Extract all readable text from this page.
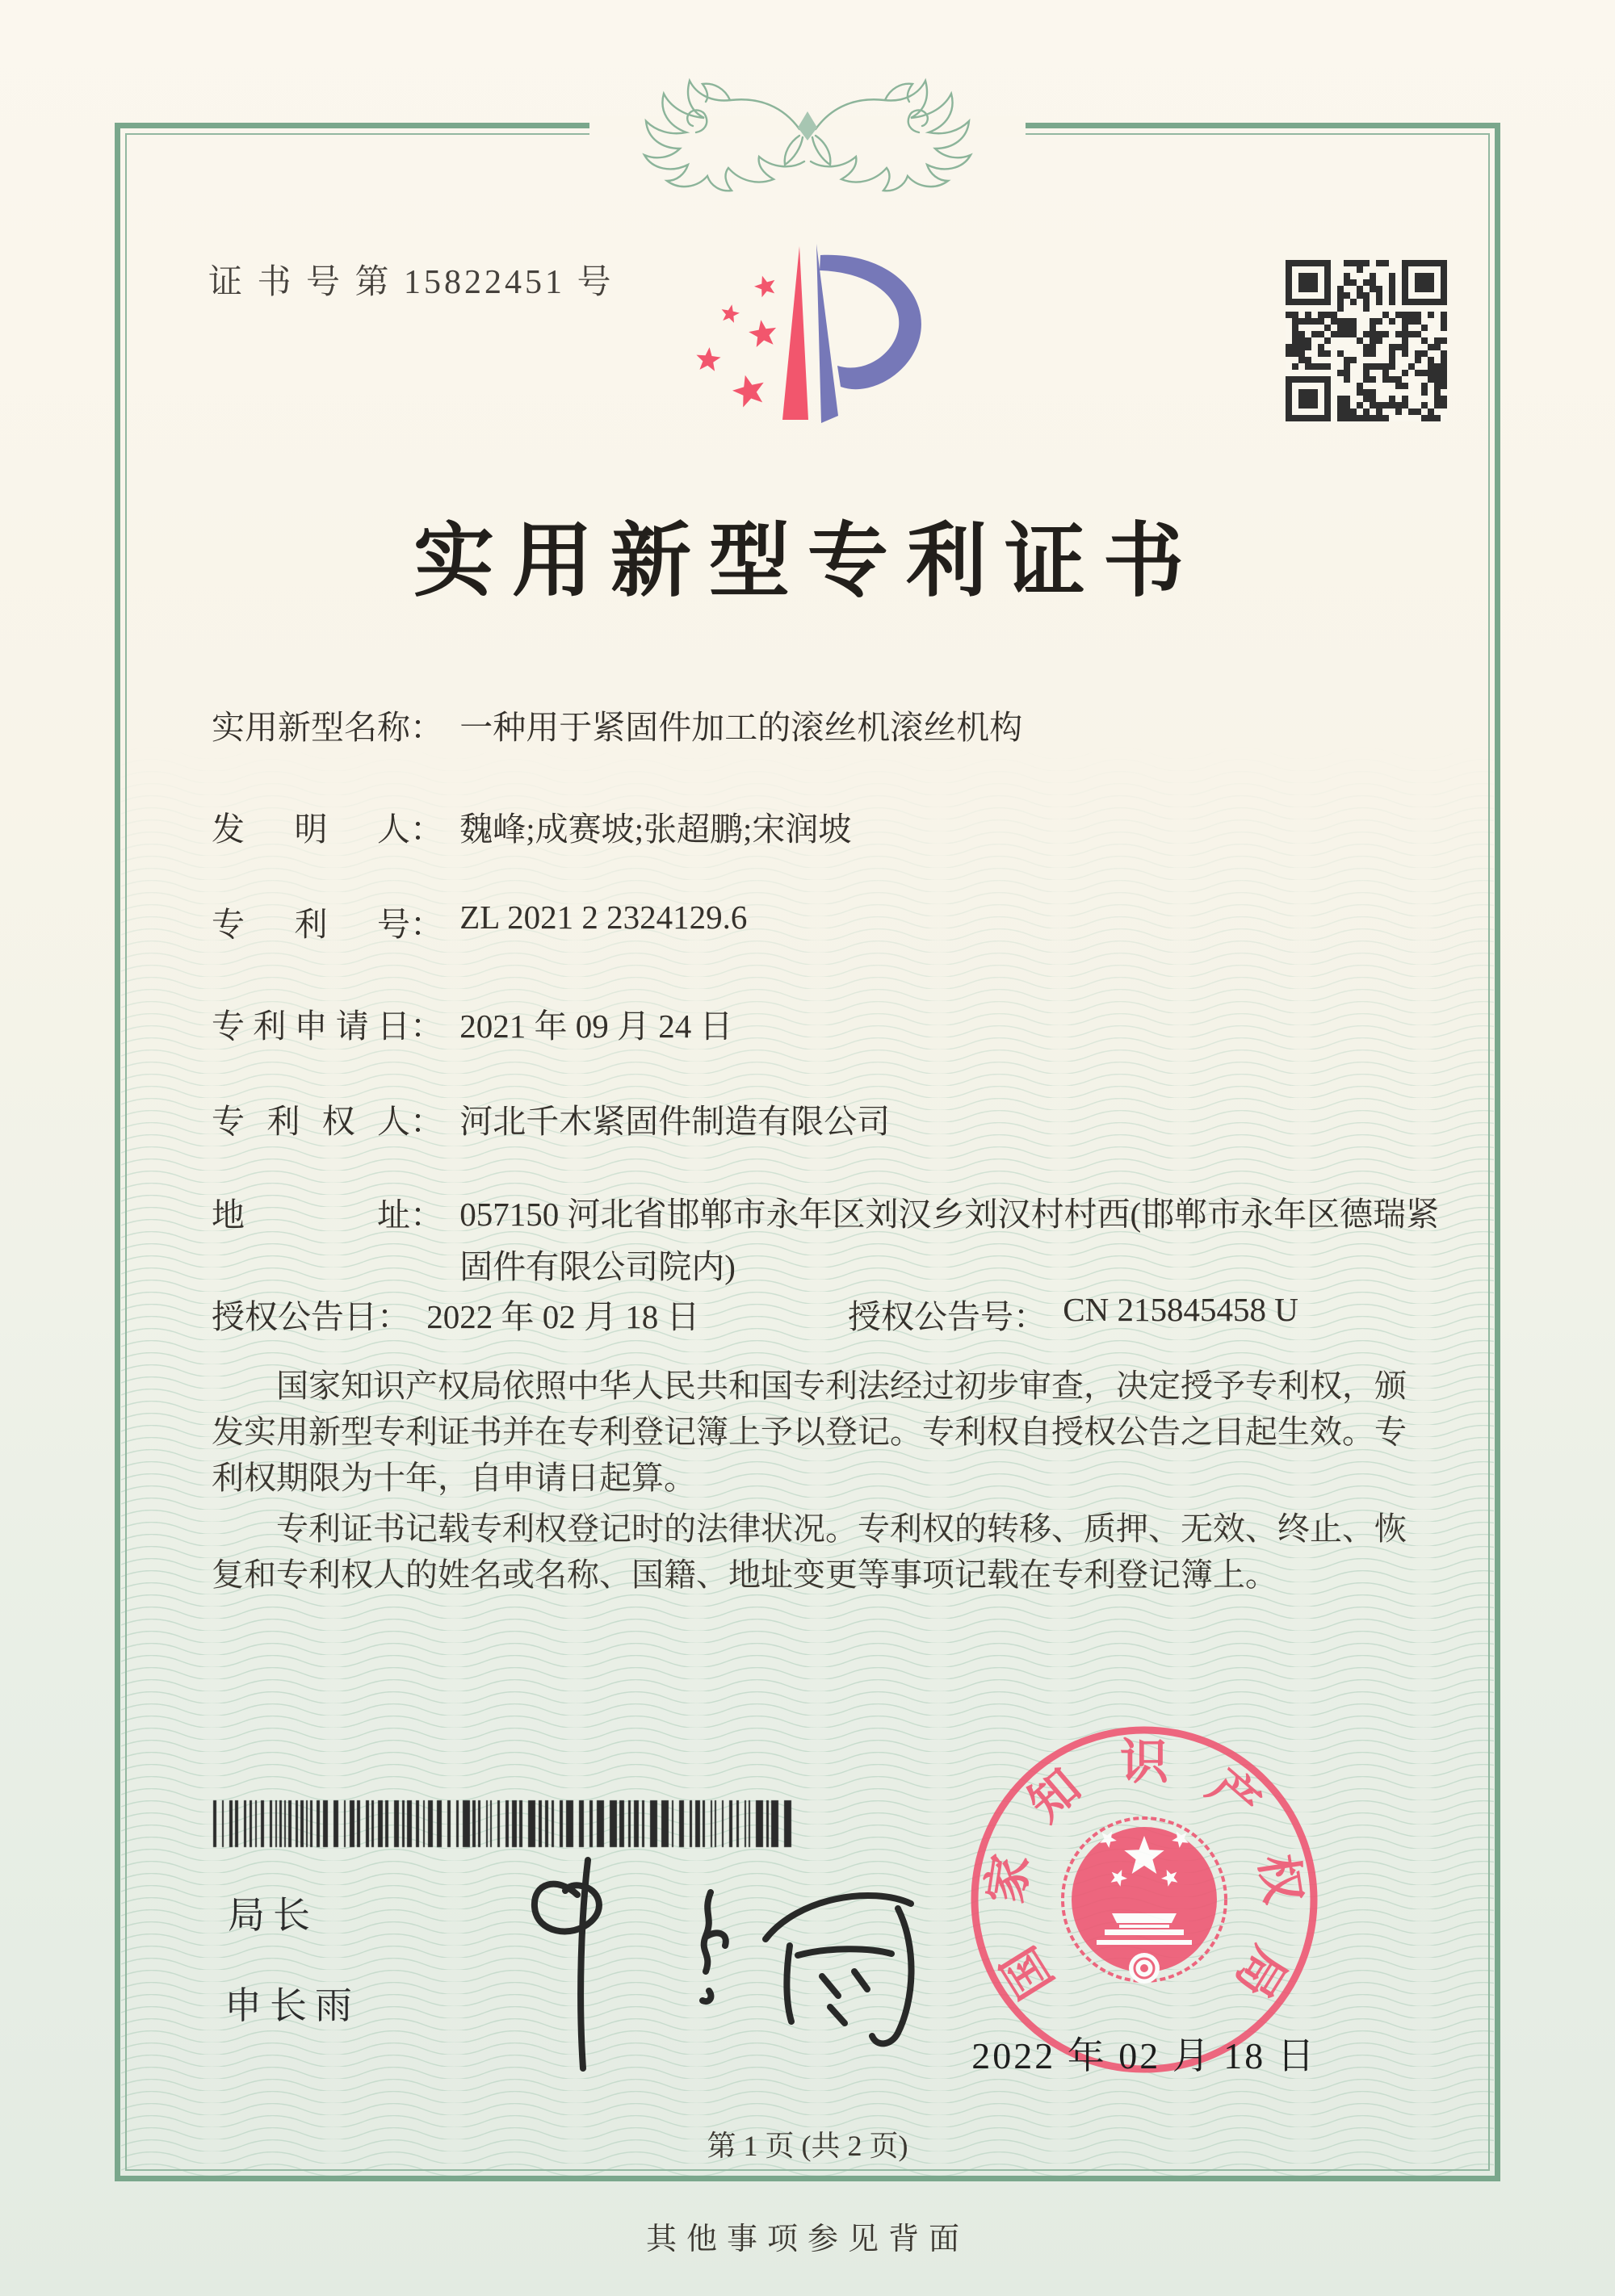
证 书 号 第 15822451 号
实用新型专利证书
实用新型名称： 一种用于紧固件加工的滚丝机滚丝机构
发明人： 魏峰;成赛坡;张超鹏;宋润坡
专利号： ZL 2021 2 2324129.6
专利申请日： 2021 年 09 月 24 日
专利权人： 河北千木紧固件制造有限公司
地址： 057150 河北省邯郸市永年区刘汉乡刘汉村村西(邯郸市永年区德瑞紧固件有限公司院内)
授权公告日： 2022 年 02 月 18 日	授权公告号： CN 215845458 U

国家知识产权局依照中华人民共和国专利法经过初步审查，决定授予专利权，颁发实用新型专利证书并在专利登记簿上予以登记。专利权自授权公告之日起生效。专利权期限为十年，自申请日起算。

专利证书记载专利权登记时的法律状况。专利权的转移、质押、无效、终止、恢复和专利权人的姓名或名称、国籍、地址变更等事项记载在专利登记簿上。

局长
申长雨	国
家
知 识 产
权
局
2022 年 02 月 18 日
第 1 页 (共 2 页)
其他事项参见背面
